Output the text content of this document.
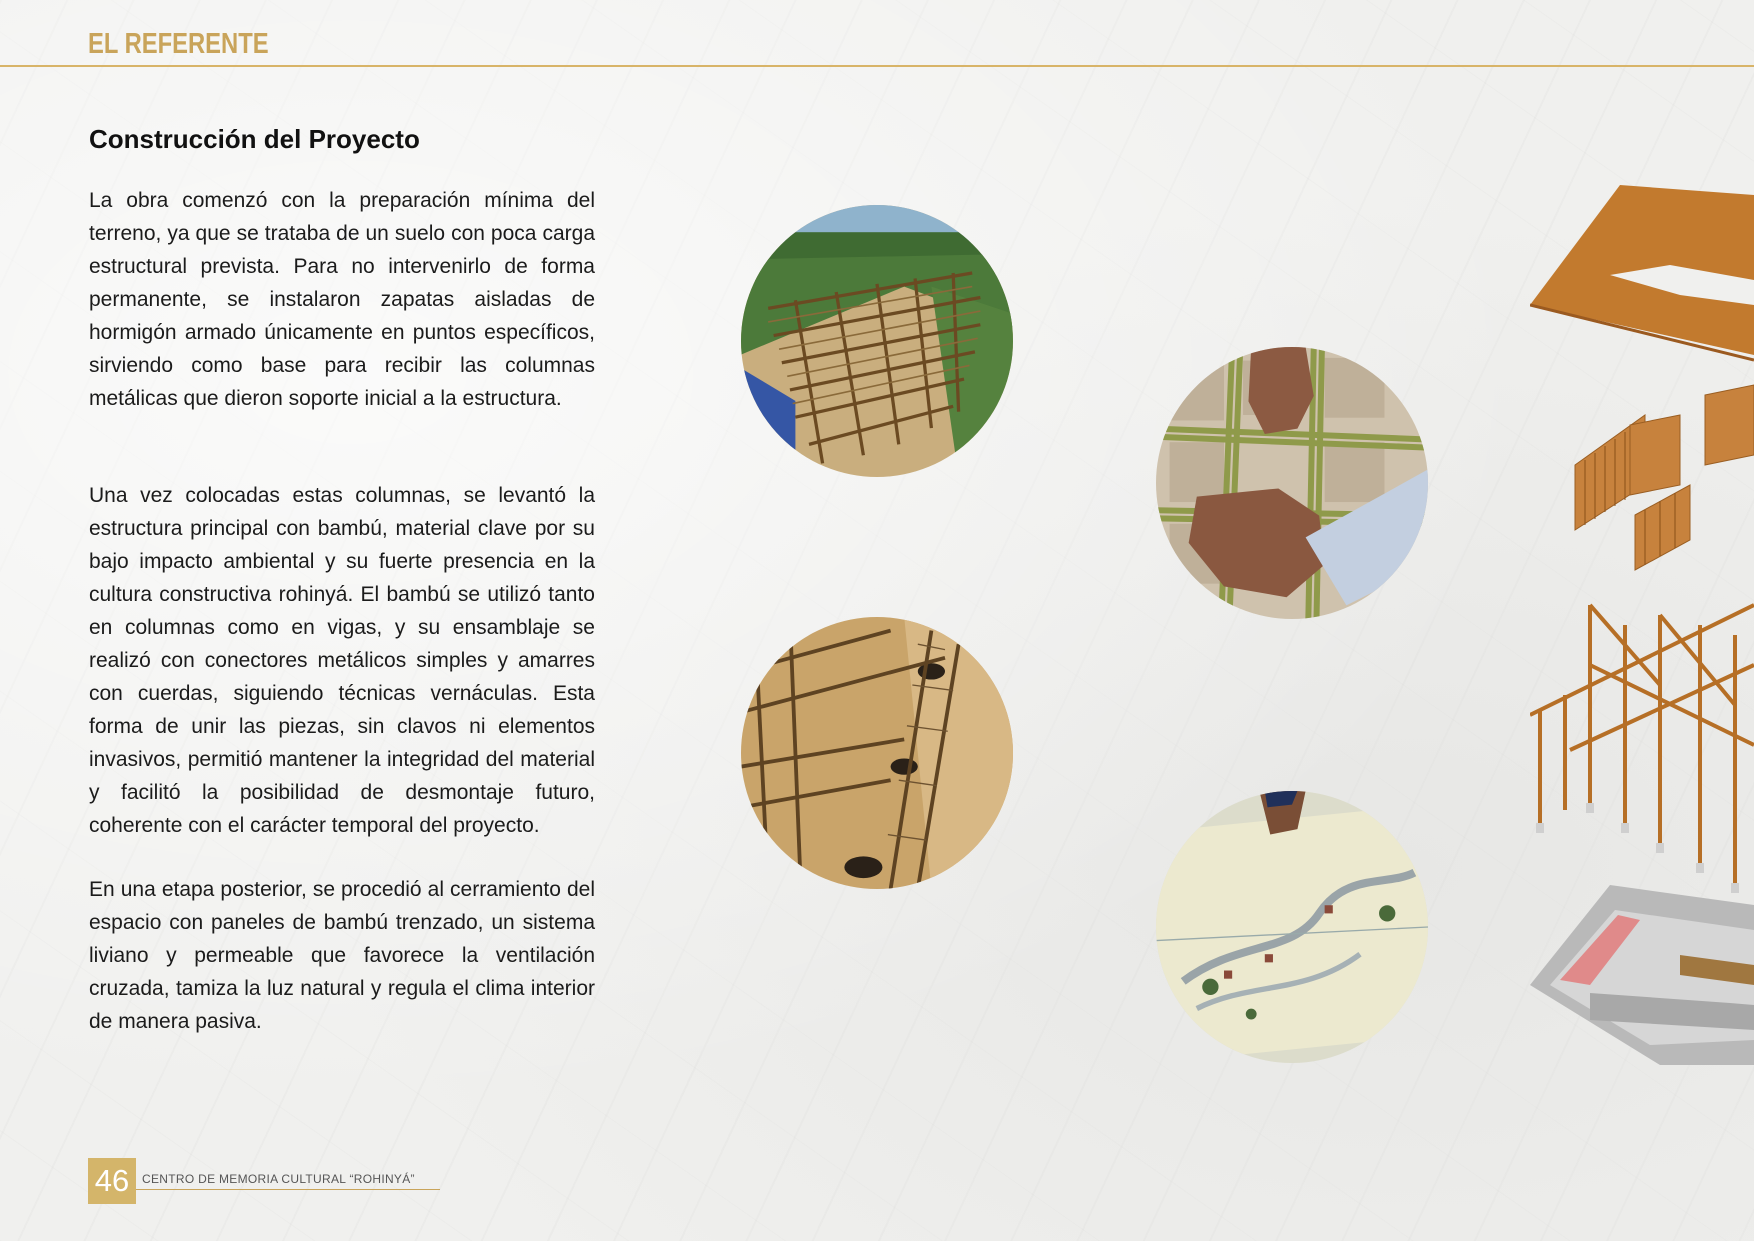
EL REFERENTE
Construcción del Proyecto

La obra comenzó con la preparación mínima del terreno, ya que se trataba de un suelo con poca carga estructural prevista. Para no intervenirlo de forma permanente, se instalaron zapatas aisladas de hormigón armado únicamente en puntos específicos, sirviendo como base para recibir las columnas metálicas que dieron soporte inicial a la estructura.

Una vez colocadas estas columnas, se levantó la estructura principal con bambú, material clave por su bajo impacto ambiental y su fuerte presencia en la cultura constructiva rohinyá. El bambú se utilizó tanto en columnas como en vigas, y su ensamblaje se realizó con conectores metálicos simples y amarres con cuerdas, siguiendo técnicas vernáculas. Esta forma de unir las piezas, sin clavos ni elementos invasivos, permitió mantener la integridad del material y facilitó la posibilidad de desmontaje futuro, coherente con el carácter temporal del proyecto.

En una etapa posterior, se procedió al cerramiento del espacio con paneles de bambú trenzado, un sistema liviano y permeable que favorece la ventilación cruzada, tamiza la luz natural y regula el clima interior de manera pasiva.

46	CENTRO DE MEMORIA CULTURAL “ROHINYÁ”
